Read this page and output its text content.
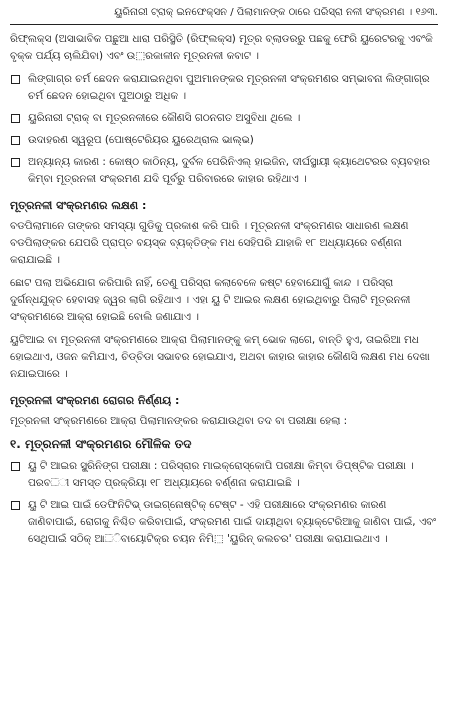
ୟୁରିନାରୀ ଟ୍ରାକ୍ ଇନଫେକ୍ସନ / ପିଲାମାନଙ୍କ ଠାରେ ପରିସ୍ରା ନଳୀ ସଂକ୍ରମଣ । ୧୬୩.

ରିଫ୍ଲକ୍ସ (ଅସାଭାବିକ ପଛୁଆ ଧାରା ପରିସ୍ଥିତି (ରିଫ୍ଲକ୍ସ) ମୂତ୍ର ବ୍ଲାଡରରୁ ପଛକୁ ଫେରି ୟୁରେଟରକୁ ଏବଂକି ବୃକ୍କ ପର୍ଯ୍ୟ ଚାଲିଯିବା) ଏବଂ ଉ⬚ରକାଳୀନ ମୂତ୍ରନଳୀ କବାଟ ।

ଲିଙ୍ଗାଗ୍ର ଚର୍ମ ଛେଦନ କରାଯାଇନଥିବା ପୁଅମାନଙ୍କର ମୂତ୍ରନଳୀ ସଂକ୍ରମଣର ସମ୍ଭାବନା ଲିଙ୍ଗାଗ୍ର ଚର୍ମ ଛେଦନ ହୋଇଥିବା ପୁଅଠାରୁ ଅଧିକ ।
ୟୁରିନାରୀ ଟ୍ରାକ୍ ବା ମୂତ୍ରନଳୀରେ କୌଣସି ଗଠନଗତ ଅସୁବିଧା ଥିଲେ ।
ଉଦାହରଣ ସ୍ୱରୂପ (ପୋଷ୍ଟେରିୟର ୟୁରେଥ୍ରାଲ ଭାଲ୍ଭ)
ଅନ୍ୟାନ୍ୟ କାରଣ : କୋଷ୍ଠ କାଠିନ୍ୟ, ଦୁର୍ବଳ ପେରିନିଏଲ୍ ହାଇଜିନ, ଦୀର୍ଘସ୍ଥାୟୀ କ୍ୟାଥେଟରର ବ୍ୟବହାର କିମ୍ବା ମୂତ୍ରନଳୀ ସଂକ୍ରମଣ ଯଦି ପୂର୍ବରୁ ପରିବାରରେ କାହାର ରହିଥାଏ ।
ମୂତ୍ରନଳୀ ସଂକ୍ରମଣର ଲକ୍ଷଣ :

ବଡପିଲାମାନେ ତାଙ୍କର ସମସ୍ୟା ଗୁଡିକୁ ପ୍ରକାଶ କରି ପାରି । ମୂତ୍ରନଳୀ ସଂକ୍ରମଣର ସାଧାରଣ ଲକ୍ଷଣ ବଡପିଲାଙ୍କର ଯେପରି ପ୍ରାପ୍ତ ବୟସ୍କ ବ୍ୟକ୍ତିଙ୍କ ମଧ ସେହିପରି ଯାହାକି ୧୮ ଅଧ୍ୟାୟରେ ବର୍ଣ୍ଣନା କରାଯାଇଛି ।

ଛୋଟ ପଲା ଅଭିଯୋଗ କରିପାରି ନାହିଁ, ତେଣୁ ପରିସ୍ରା କଲାବେଳେ କଷ୍ଟ ହେବାଯୋଗୁଁ କାନ୍ଦ । ପରିସ୍ରା ଦୁର୍ଗନ୍ଧଯୁକ୍ତ ହେବାସହ ଜ୍ୱର ଲାଗି ରହିଥାଏ । ଏହା ୟୁ ଟି ଆଇର ଲକ୍ଷଣ ହୋଇଥିବାରୁ ପିଲାଟି ମୂତ୍ରନଳୀ ସଂକ୍ରମଣରେ ଆକ୍ରା ହୋଇଛି ବୋଲି ଜଣାଯାଏ ।

ୟୁଟିଆଇ ବା ମୂତ୍ରନଳୀ ସଂକ୍ରମଣରେ ଆକ୍ରା ପିଲାମାନଙ୍କୁ କମ୍ ଭୋକ ଲାଗେ, ବାନ୍ତି ହୁଏ, ତାଇରିଆ ମଧ ହୋଇଥାଏ, ଓଜନ କମିଯାଏ, ଚିଡ୍ଚିଡା ସଭାବର ହୋଇଯାଏ, ଅଥବା କାହାର କାହାର କୌଣସି ଲକ୍ଷଣ ମଧ ଦେଖା ନଯାଇପାରେ ।

ମୂତ୍ରନଳୀ ସଂକ୍ରମଣ ରୋଗର ନିର୍ଣ୍ଣୟ :

ମୂତ୍ରନଳୀ ସଂକ୍ରମଣରେ ଆକ୍ରା ପିଲାମାନଙ୍କର କରାଯାଉଥିବା ତଦ ବା ପରୀକ୍ଷା ହେଲା :

୧. ମୂତ୍ରନଳୀ ସଂକ୍ରମଣର ମୌଳିକ ତଦ
ୟୁ ଟି ଆଇର ସ୍କ୍ରିନିଙ୍ଗ ପରୀକ୍ଷା : ପରିସ୍ରାର ମାଇକ୍ରୋସ୍କୋପି ପରୀକ୍ଷା କିମ୍ବା ଡିପ୍ଷ୍ଟିକ ପରୀକ୍ଷା । ପରବ⬚ୀ ସମସ୍ତ ପ୍ରକ୍ରିୟା ୧୮ ଅଧ୍ୟାୟରେ ବର୍ଣ୍ଣନା କରାଯାଇଛି ।
ୟୁ ଟି ଆଇ ପାଇଁ ଡେଫିନିଟିଭ୍ ଡାଇଗ୍ନୋଷ୍ଟିକ୍ ଟେଷ୍ଟ - ଏହି ପରୀକ୍ଷାରେ ସଂକ୍ରମଣର କାରଣ ଜାଣିବାପାଇଁ, ରୋଗକୁ ନିଶ୍ଚିତ କରିବାପାଇଁ, ସଂକ୍ରମଣ ପାଇଁ ଦାୟୀଥିବା ବ୍ୟାକ୍ଟେରିଆକୁ ଜାଣିବା ପାଇଁ, ଏବଂ ସେଥିପାଇଁ ସଠିକ୍ ଆ⬚ିବାୟୋଟିକ୍‌ର ଚୟନ ନିମି⬚ 'ୟୁରିନ୍ କଲଚର' ପରୀକ୍ଷା କରାଯାଇଥାଏ ।
